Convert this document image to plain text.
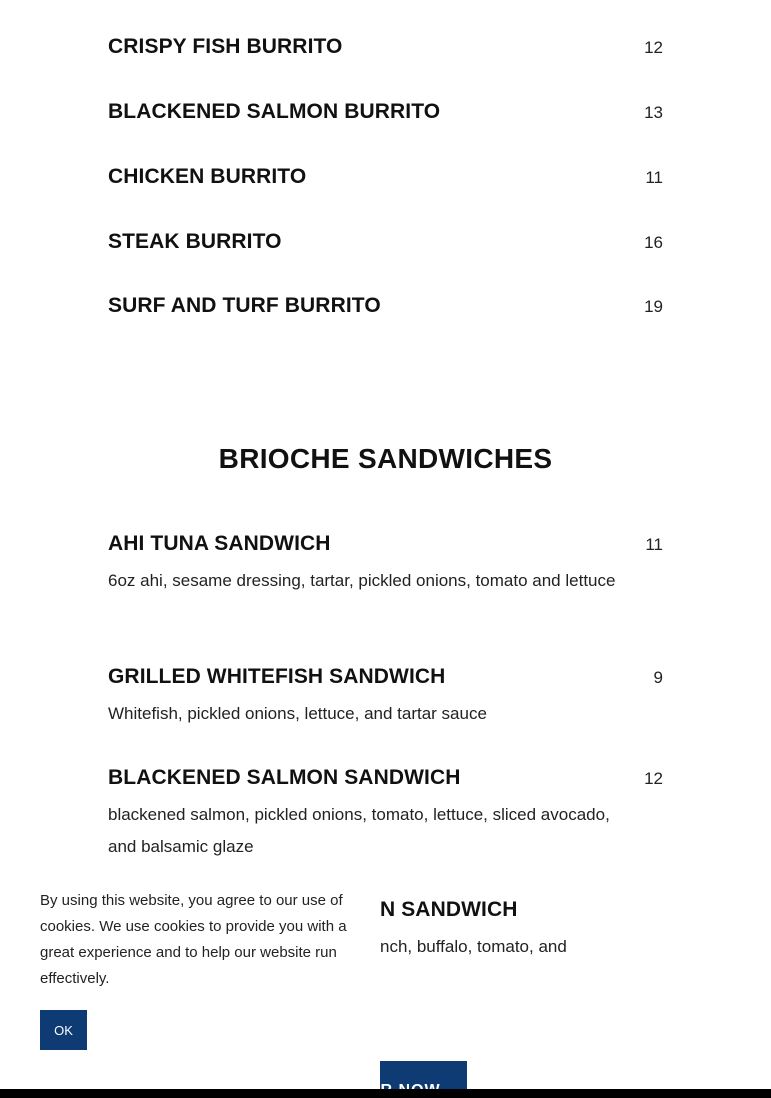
CRISPY FISH BURRITO	12
BLACKENED SALMON BURRITO	13
CHICKEN BURRITO	11
STEAK BURRITO	16
SURF AND TURF BURRITO	19
BRIOCHE SANDWICHES
AHI TUNA SANDWICH	11

6oz ahi, sesame dressing, tartar, pickled onions, tomato and lettuce

GRILLED WHITEFISH SANDWICH	9

Whitefish, pickled onions, lettuce, and tartar sauce

BLACKENED SALMON SANDWICH	12

blackened salmon, pickled onions, tomato, lettuce, sliced avocado, and balsamic glaze

N SANDWICH

nch, buffalo, tomato, and

By using this website, you agree to our use of cookies. We use cookies to provide you with a great experience and to help our website run effectively.

OK
